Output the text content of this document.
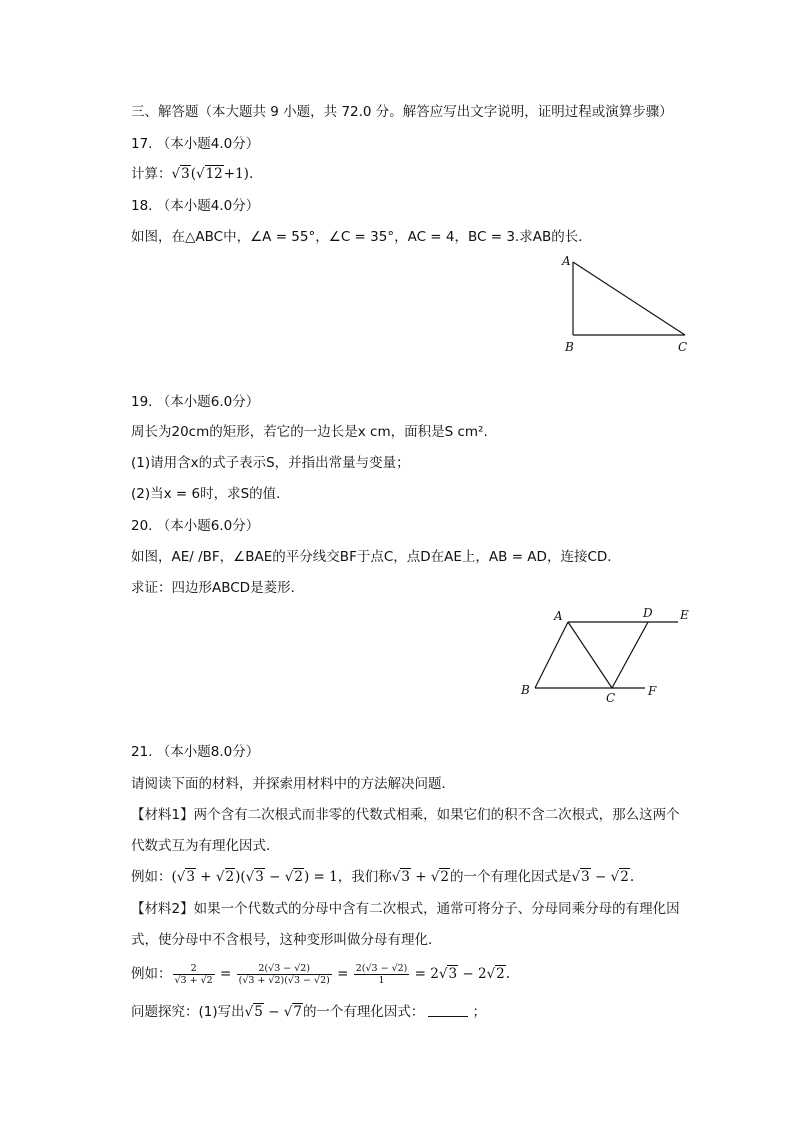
三、解答题（本大题共 9 小题，共 72.0 分。解答应写出文字说明，证明过程或演算步骤）
17. （本小题4.0分）
计算：√3(√12+1).
18. （本小题4.0分）
如图，在△ABC中，∠A = 55°，∠C = 35°，AC = 4，BC = 3.求AB的长．
A
B	C
19. （本小题6.0分）
周长为20cm的矩形，若它的一边长是x cm，面积是S cm².
(1)请用含x的式子表示S，并指出常量与变量；
(2)当x = 6时，求S的值．
20. （本小题6.0分）
如图，AE/ /BF，∠BAE的平分线交BF于点C，点D在AE上，AB = AD，连接CD．
求证：四边形ABCD是菱形．
A	D E
B
C	F
21. （本小题8.0分）
请阅读下面的材料，并探索用材料中的方法解决问题．
【材料1】两个含有二次根式而非零的代数式相乘，如果它们的积不含二次根式，那么这两个
代数式互为有理化因式．
例如：(√3 + √2)(√3 − √2) = 1，我们称√3 + √2的一个有理化因式是√3 − √2.
【材料2】如果一个代数式的分母中含有二次根式，通常可将分子、分母同乘分母的有理化因
式，使分母中不含根号，这种变形叫做分母有理化．
例如： $\frac{2}{√3 + √2} = \frac{2(√3 - √2)}{(√3 + √2)(√3 - √2)} = \frac{2(√3 - √2)}{1} = 2√3 - 2√2$.
问题探究：(1)写出√5 − √7的一个有理化因式：	；
